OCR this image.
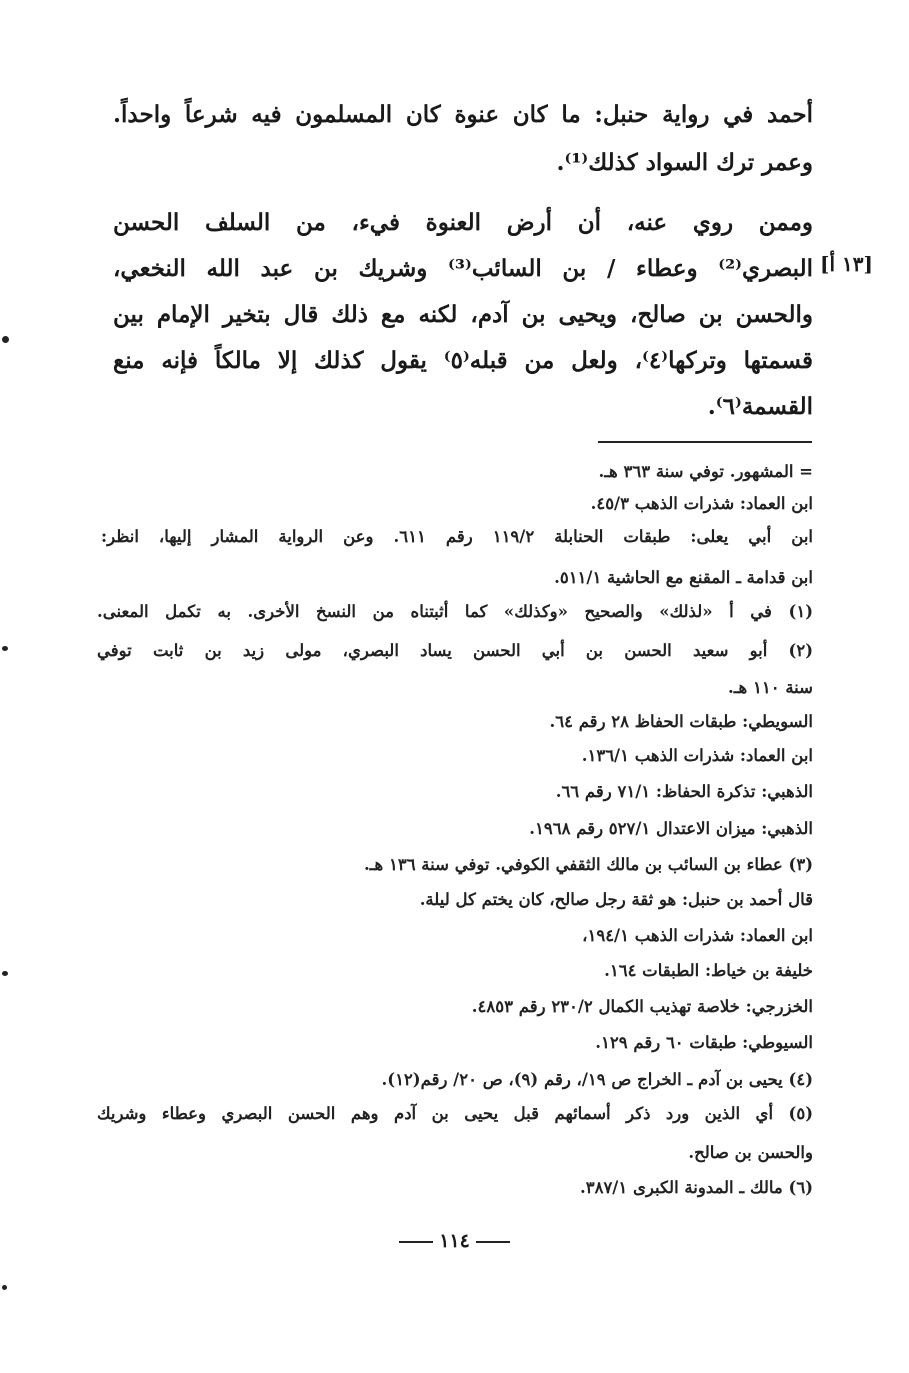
أحمد في رواية حنبل: ما كان عنوة كان المسلمون فيه شرعاً واحداً.
وعمر ترك السواد كذلك⁽¹⁾.
وممن روي عنه، أن أرض العنوة فيء، من السلف الحسن
البصري⁽²⁾ وعطاء / بن السائب⁽³⁾ وشريك بن عبد الله النخعي،
والحسن بن صالح، ويحيى بن آدم، لكنه مع ذلك قال بتخير الإمام بين
قسمتها وتركها⁽٤⁾، ولعل من قبله⁽٥⁾ يقول كذلك إلا مالكاً فإنه منع
القسمة⁽٦⁾.
[١٣ أ]
= المشهور. توفي سنة ٣٦٣ هـ.
ابن العماد: شذرات الذهب ٤٥/٣.
ابن أبي يعلى: طبقات الحنابلة ١١٩/٢ رقم ٦١١. وعن الرواية المشار إليها، انظر:
ابن قدامة ـ المقنع مع الحاشية ٥١١/١.
(١) في أ «لذلك» والصحيح «وكذلك» كما أثبتناه من النسخ الأخرى. به تكمل المعنى.
(٢) أبو سعيد الحسن بن أبي الحسن يساد البصري، مولى زيد بن ثابت توفي
سنة ١١٠ هـ.
السويطي: طبقات الحفاظ ٢٨ رقم ٦٤.
ابن العماد: شذرات الذهب ١٣٦/١.
الذهبي: تذكرة الحفاظ: ٧١/١ رقم ٦٦.
الذهبي: ميزان الاعتدال ٥٢٧/١ رقم ١٩٦٨.
(٣) عطاء بن السائب بن مالك الثقفي الكوفي. توفي سنة ١٣٦ هـ.
قال أحمد بن حنبل: هو ثقة رجل صالح، كان يختم كل ليلة.
ابن العماد: شذرات الذهب ١٩٤/١،
خليفة بن خياط: الطبقات ١٦٤.
الخزرجي: خلاصة تهذيب الكمال ٢٣٠/٢ رقم ٤٨٥٣.
السيوطي: طبقات ٦٠ رقم ١٢٩.
(٤) يحيى بن آدم ـ الخراج ص ١٩/، رقم (٩)، ص ٢٠/ رقم(١٢).
(٥) أي الذين ورد ذكر أسمائهم قبل يحيى بن آدم وهم الحسن البصري وعطاء وشريك
والحسن بن صالح.
(٦) مالك ـ المدونة الكبرى ٣٨٧/١.
١١٤
